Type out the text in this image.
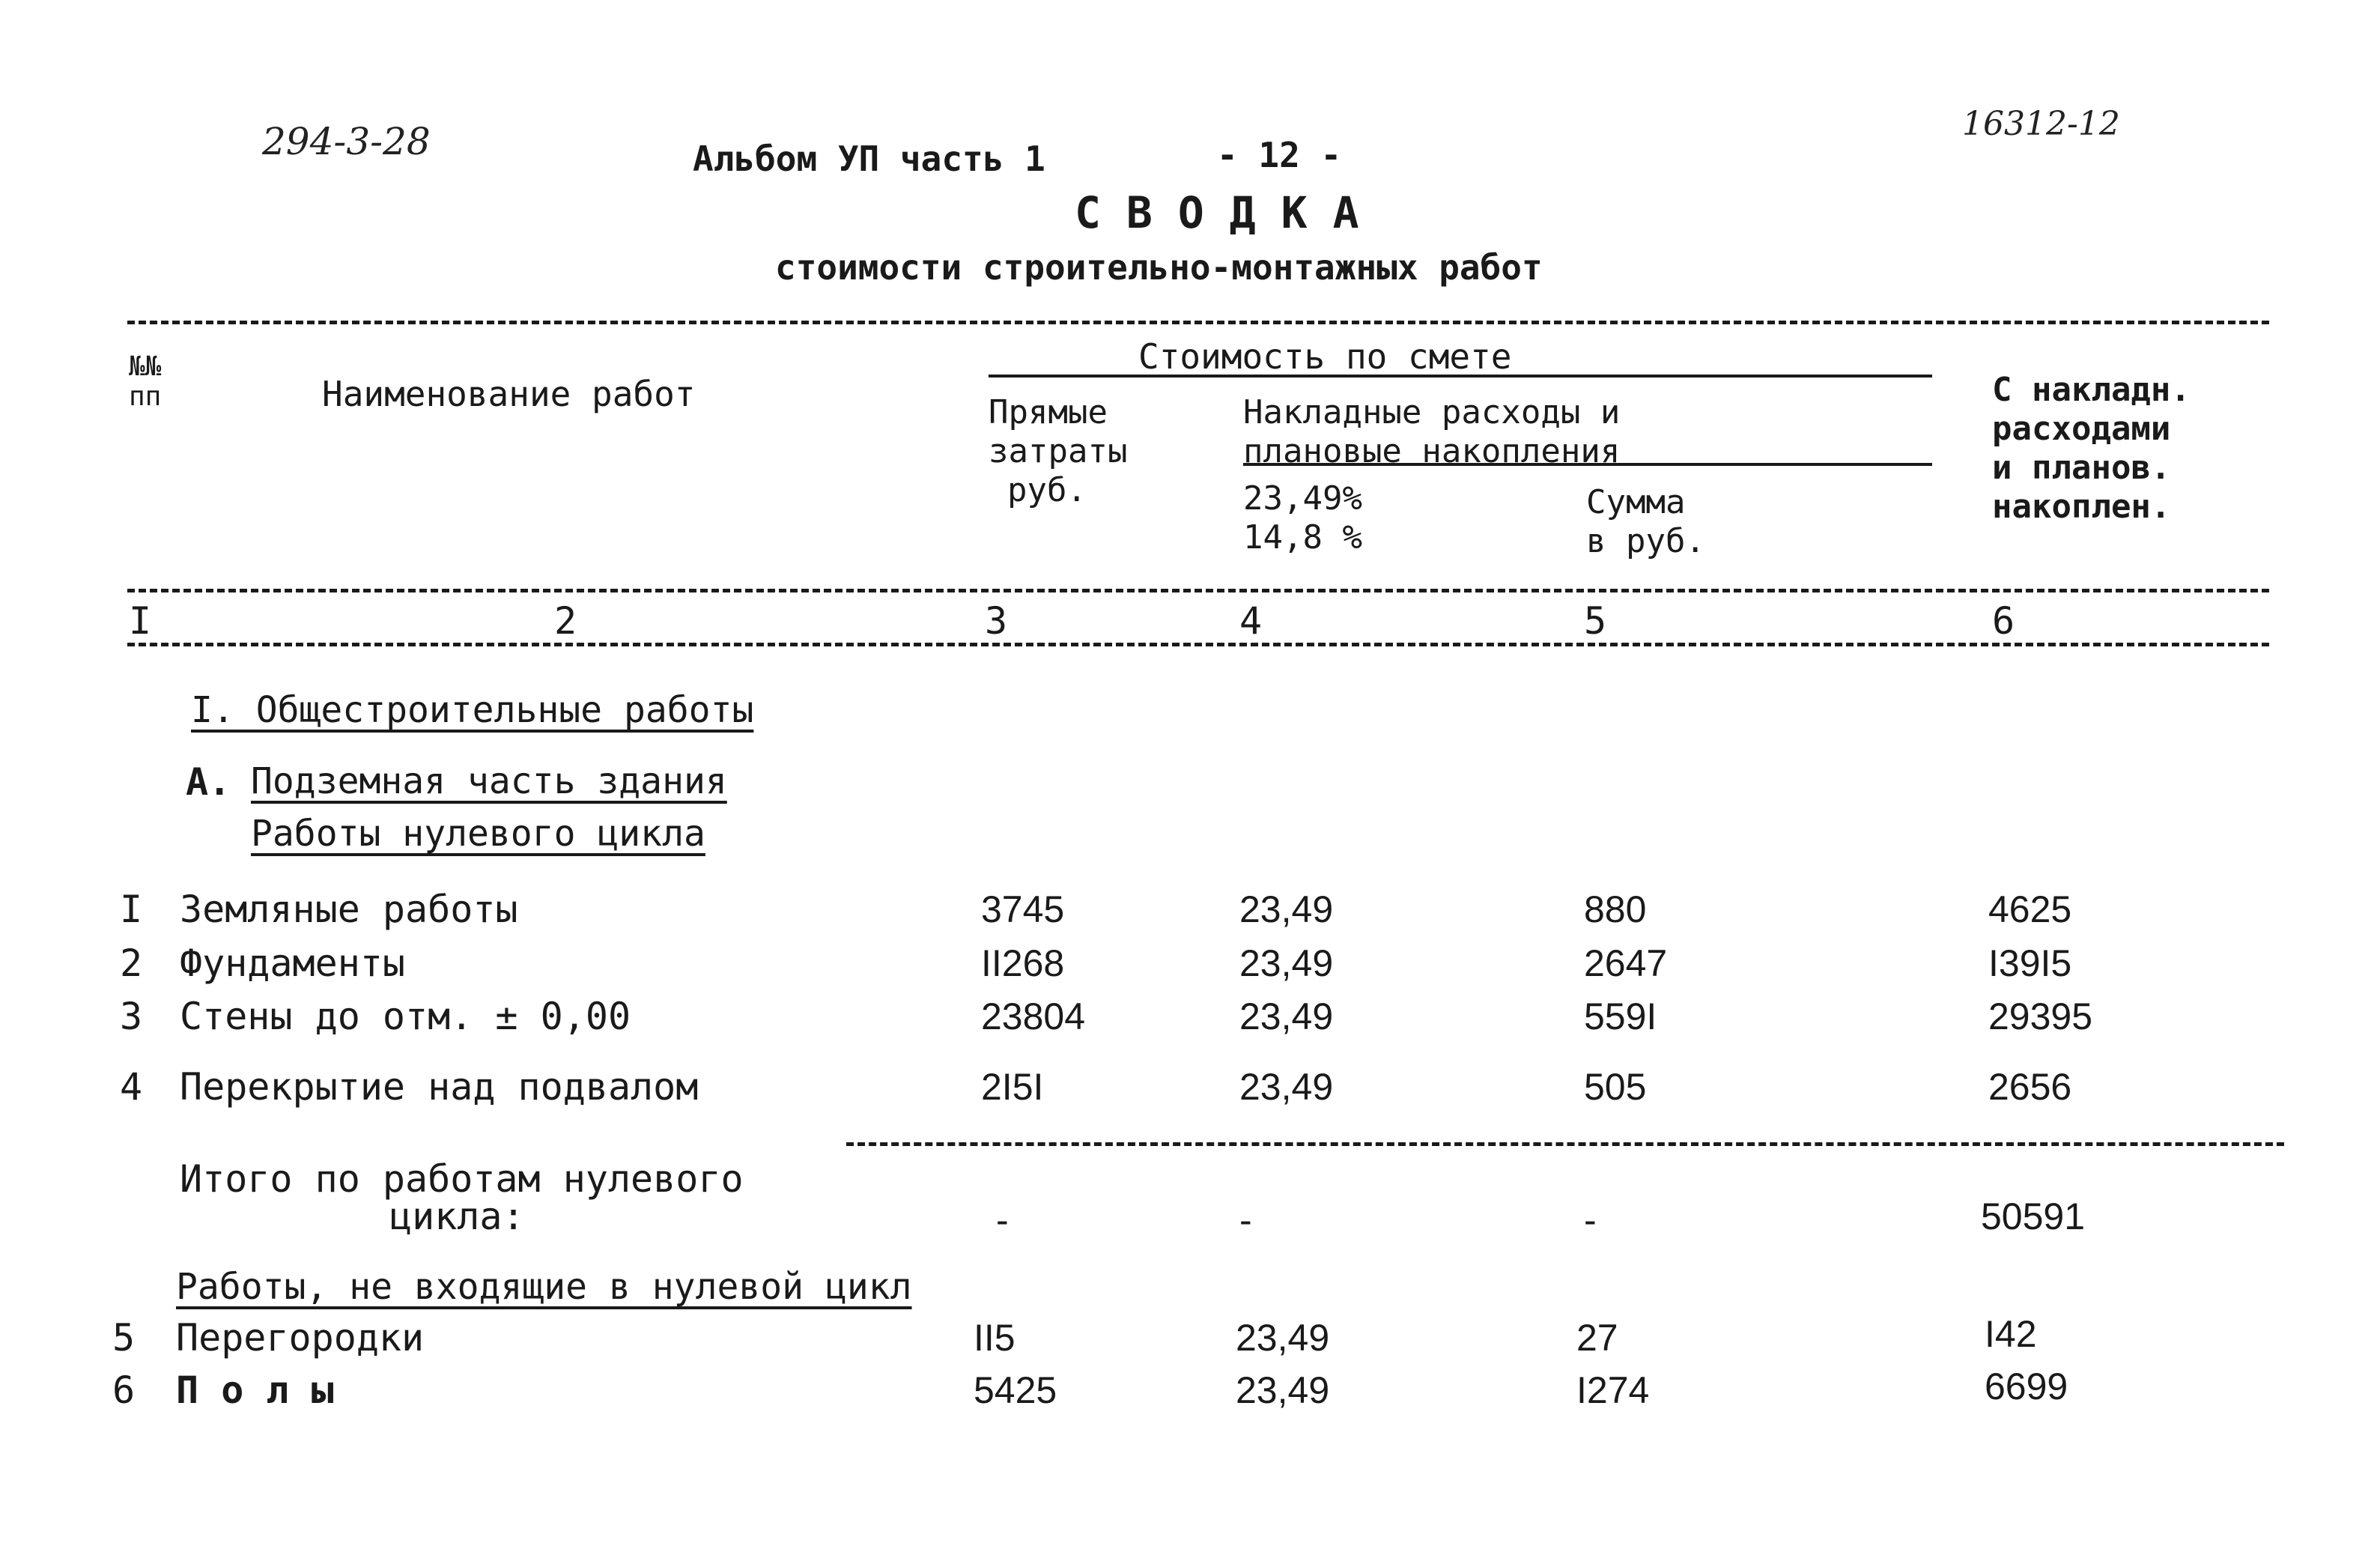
294-3-28	16312-12
Альбом УП часть 1	- 12 -
СВОДКА
стоимости строительно-монтажных работ
№№
пп	Наименование работ
Стоимость по смете
Прямые
затраты
руб.
Накладные расходы и
плановые накопления
23,49%
14,8 %
Сумма
в руб.
С накладн.
расходами
и планов.
накоплен.
I	2	3	4	5	6
I. Общестроительные работы
А. Подземная часть здания
Работы нулевого цикла
I Земляные работы	3745	23,49	880	4625
2 Фундаменты	II268	23,49	2647	I39I5
3 Стены до отм. ± 0,00	23804	23,49	559I	29395
4 Перекрытие над подвалом	2I5I	23,49	505	2656
Итого по работам нулевого
цикла:	-	-	-	50591
Работы, не входящие в нулевой цикл
5 Перегородки	II5	23,49	27	I42
6 П о л ы	5425	23,49	I274	6699
